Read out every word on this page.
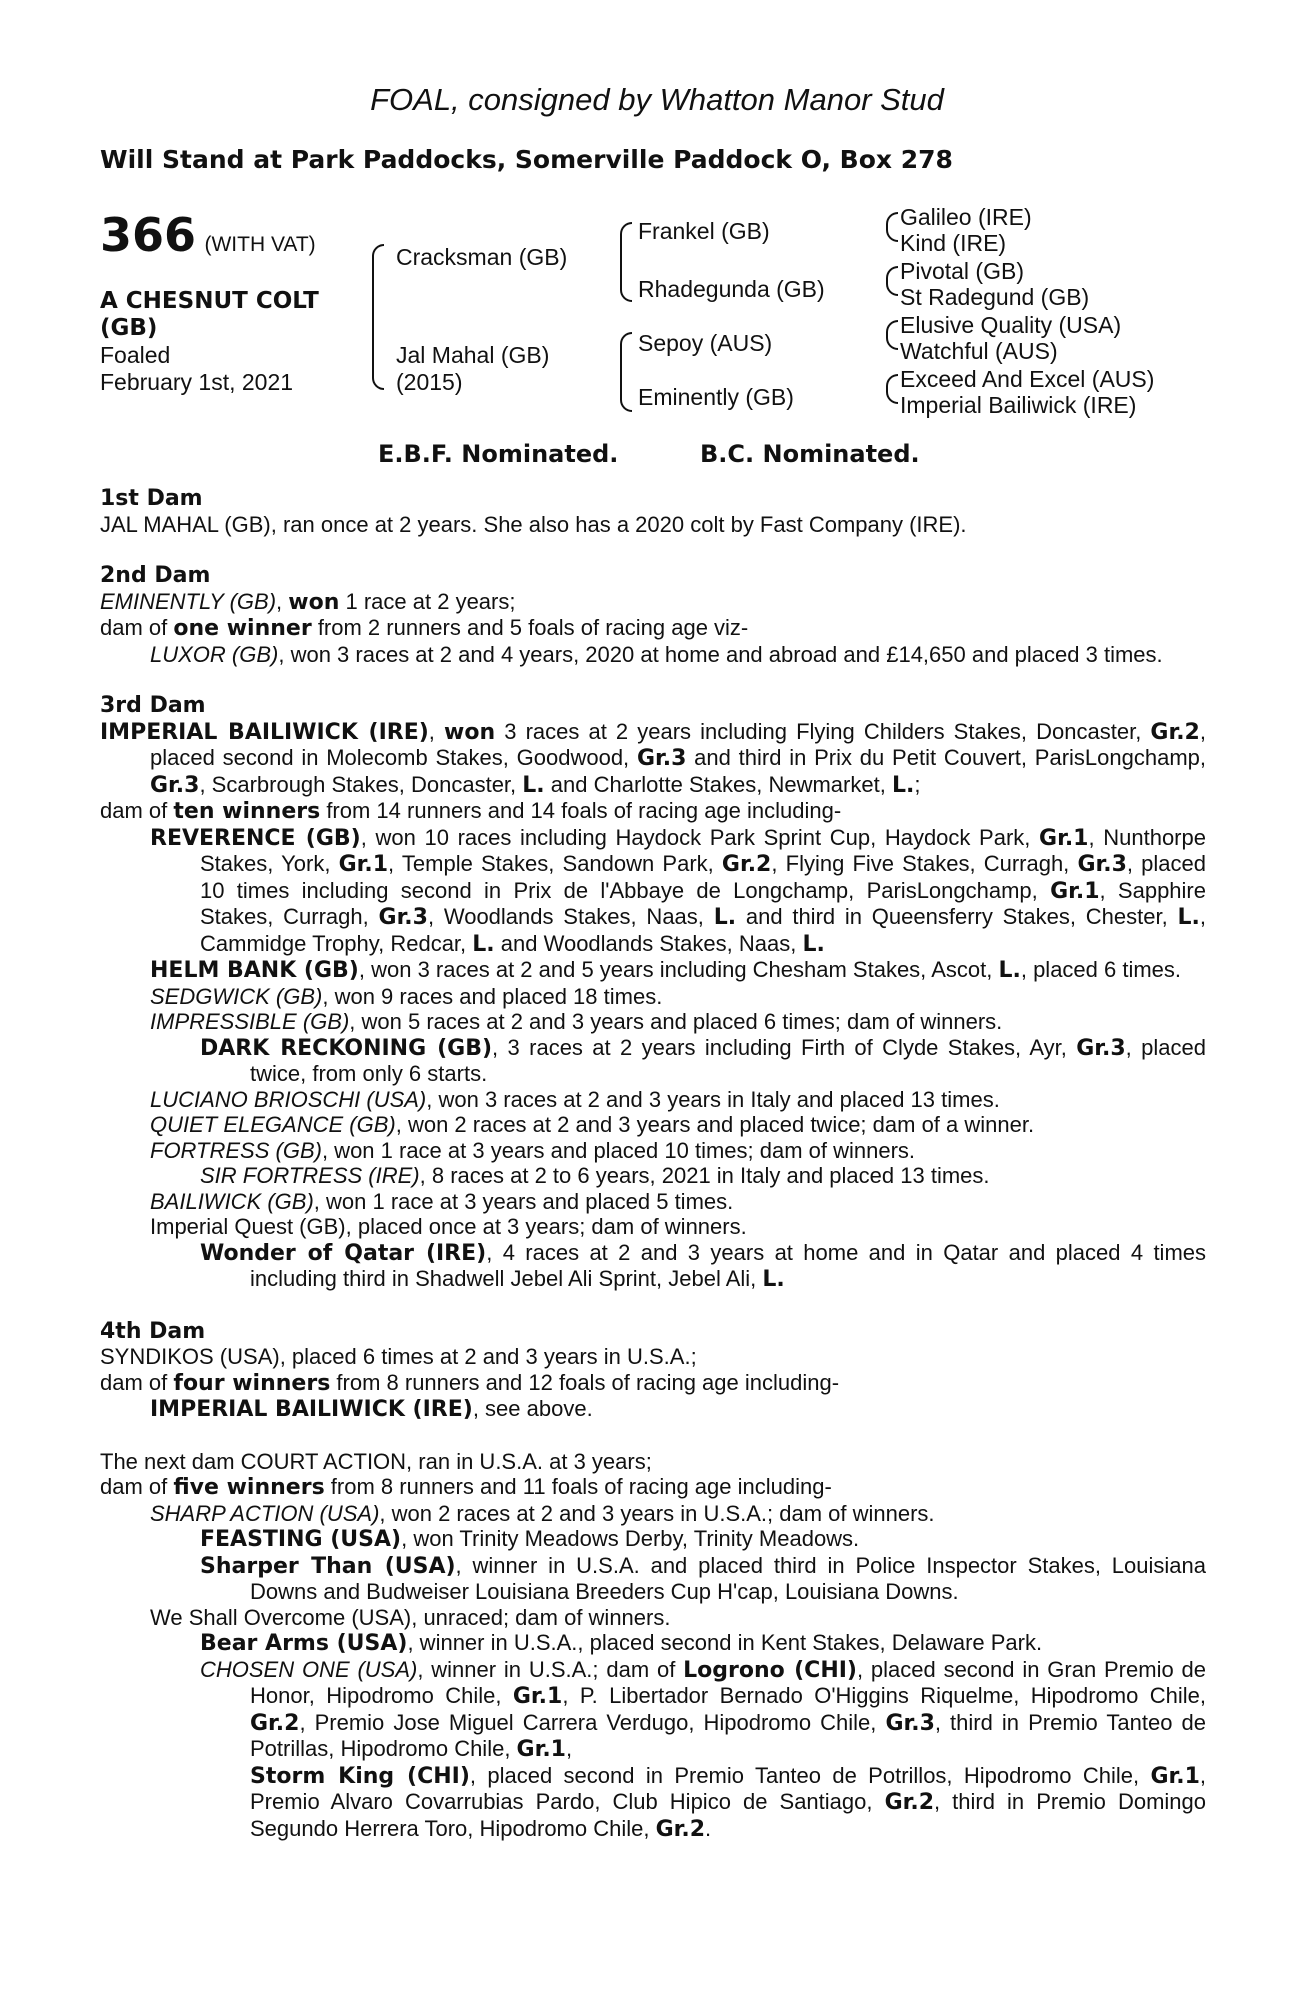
FOAL, consigned by Whatton Manor Stud
Will Stand at Park Paddocks, Somerville Paddock O, Box 278
366 (WITH VAT)
A CHESNUT COLT
(GB)
Foaled
February 1st, 2021
Cracksman (GB)
Jal Mahal (GB)
(2015)
Frankel (GB)
Rhadegunda (GB)
Sepoy (AUS)
Eminently (GB)
Galileo (IRE)
Kind (IRE)
Pivotal (GB)
St Radegund (GB)
Elusive Quality (USA)
Watchful (AUS)
Exceed And Excel (AUS)
Imperial Bailiwick (IRE)
E.B.F. Nominated.	B.C. Nominated.
1st Dam

JAL MAHAL (GB), ran once at 2 years. She also has a 2020 colt by Fast Company (IRE).

2nd Dam

EMINENTLY (GB), won 1 race at 2 years;

dam of one winner from 2 runners and 5 foals of racing age viz-

LUXOR (GB), won 3 races at 2 and 4 years, 2020 at home and abroad and £14,650 and placed 3 times.

3rd Dam

IMPERIAL BAILIWICK (IRE), won 3 races at 2 years including Flying Childers Stakes, Doncaster, Gr.2, placed second in Molecomb Stakes, Goodwood, Gr.3 and third in Prix du Petit Couvert, ParisLongchamp, Gr.3, Scarbrough Stakes, Doncaster, L. and Charlotte Stakes, Newmarket, L.;

dam of ten winners from 14 runners and 14 foals of racing age including-

REVERENCE (GB), won 10 races including Haydock Park Sprint Cup, Haydock Park, Gr.1, Nunthorpe Stakes, York, Gr.1, Temple Stakes, Sandown Park, Gr.2, Flying Five Stakes, Curragh, Gr.3, placed 10 times including second in Prix de l'Abbaye de Longchamp, ParisLongchamp, Gr.1, Sapphire Stakes, Curragh, Gr.3, Woodlands Stakes, Naas, L. and third in Queensferry Stakes, Chester, L., Cammidge Trophy, Redcar, L. and Woodlands Stakes, Naas, L.

HELM BANK (GB), won 3 races at 2 and 5 years including Chesham Stakes, Ascot, L., placed 6 times.

SEDGWICK (GB), won 9 races and placed 18 times.

IMPRESSIBLE (GB), won 5 races at 2 and 3 years and placed 6 times; dam of winners.

DARK RECKONING (GB), 3 races at 2 years including Firth of Clyde Stakes, Ayr, Gr.3, placed twice, from only 6 starts.

LUCIANO BRIOSCHI (USA), won 3 races at 2 and 3 years in Italy and placed 13 times.

QUIET ELEGANCE (GB), won 2 races at 2 and 3 years and placed twice; dam of a winner.

FORTRESS (GB), won 1 race at 3 years and placed 10 times; dam of winners.

SIR FORTRESS (IRE), 8 races at 2 to 6 years, 2021 in Italy and placed 13 times.

BAILIWICK (GB), won 1 race at 3 years and placed 5 times.

Imperial Quest (GB), placed once at 3 years; dam of winners.

Wonder of Qatar (IRE), 4 races at 2 and 3 years at home and in Qatar and placed 4 times including third in Shadwell Jebel Ali Sprint, Jebel Ali, L.

4th Dam

SYNDIKOS (USA), placed 6 times at 2 and 3 years in U.S.A.;

dam of four winners from 8 runners and 12 foals of racing age including-

IMPERIAL BAILIWICK (IRE), see above.

The next dam COURT ACTION, ran in U.S.A. at 3 years;

dam of five winners from 8 runners and 11 foals of racing age including-

SHARP ACTION (USA), won 2 races at 2 and 3 years in U.S.A.; dam of winners.

FEASTING (USA), won Trinity Meadows Derby, Trinity Meadows.

Sharper Than (USA), winner in U.S.A. and placed third in Police Inspector Stakes, Louisiana Downs and Budweiser Louisiana Breeders Cup H'cap, Louisiana Downs.

We Shall Overcome (USA), unraced; dam of winners.

Bear Arms (USA), winner in U.S.A., placed second in Kent Stakes, Delaware Park.

CHOSEN ONE (USA), winner in U.S.A.; dam of Logrono (CHI), placed second in Gran Premio de Honor, Hipodromo Chile, Gr.1, P. Libertador Bernado O'Higgins Riquelme, Hipodromo Chile, Gr.2, Premio Jose Miguel Carrera Verdugo, Hipodromo Chile, Gr.3, third in Premio Tanteo de Potrillas, Hipodromo Chile, Gr.1,

Storm King (CHI), placed second in Premio Tanteo de Potrillos, Hipodromo Chile, Gr.1, Premio Alvaro Covarrubias Pardo, Club Hipico de Santiago, Gr.2, third in Premio Domingo Segundo Herrera Toro, Hipodromo Chile, Gr.2.
